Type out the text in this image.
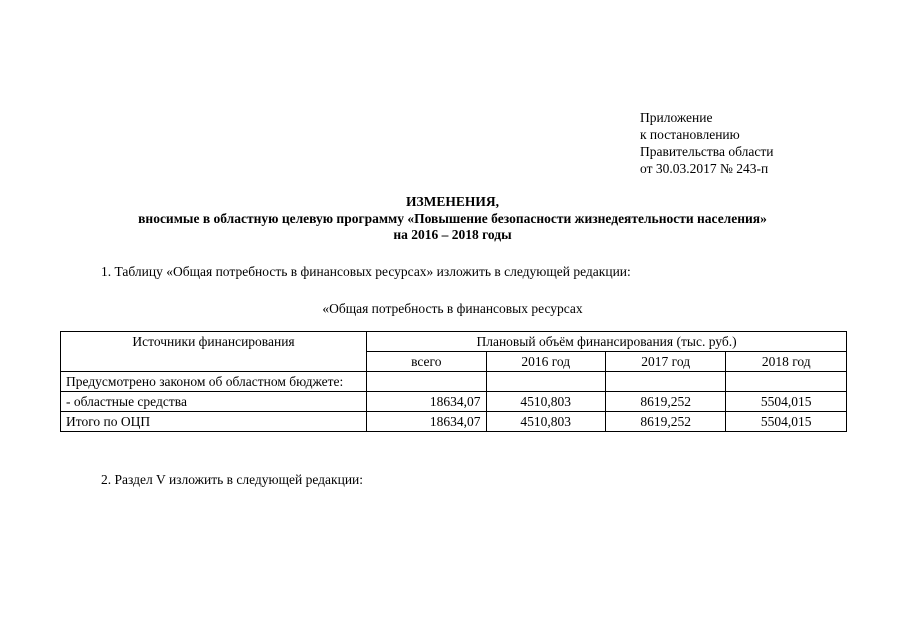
Приложение
к постановлению
Правительства области
от 30.03.2017 № 243-п
ИЗМЕНЕНИЯ,
вносимые в областную целевую программу «Повышение безопасности жизнедеятельности населения»
на 2016 – 2018 годы
1. Таблицу «Общая потребность в финансовых ресурсах» изложить в следующей редакции:
«Общая потребность в финансовых ресурсах
Источники финансирования	Плановый объём финансирования (тыс. руб.)			
	всего	2016 год	2017 год	2018 год
Предусмотрено законом об областном бюджете:				
- областные средства	18634,07	4510,803	8619,252	5504,015
Итого по ОЦП	18634,07	4510,803	8619,252	5504,015
2. Раздел V изложить в следующей редакции:
